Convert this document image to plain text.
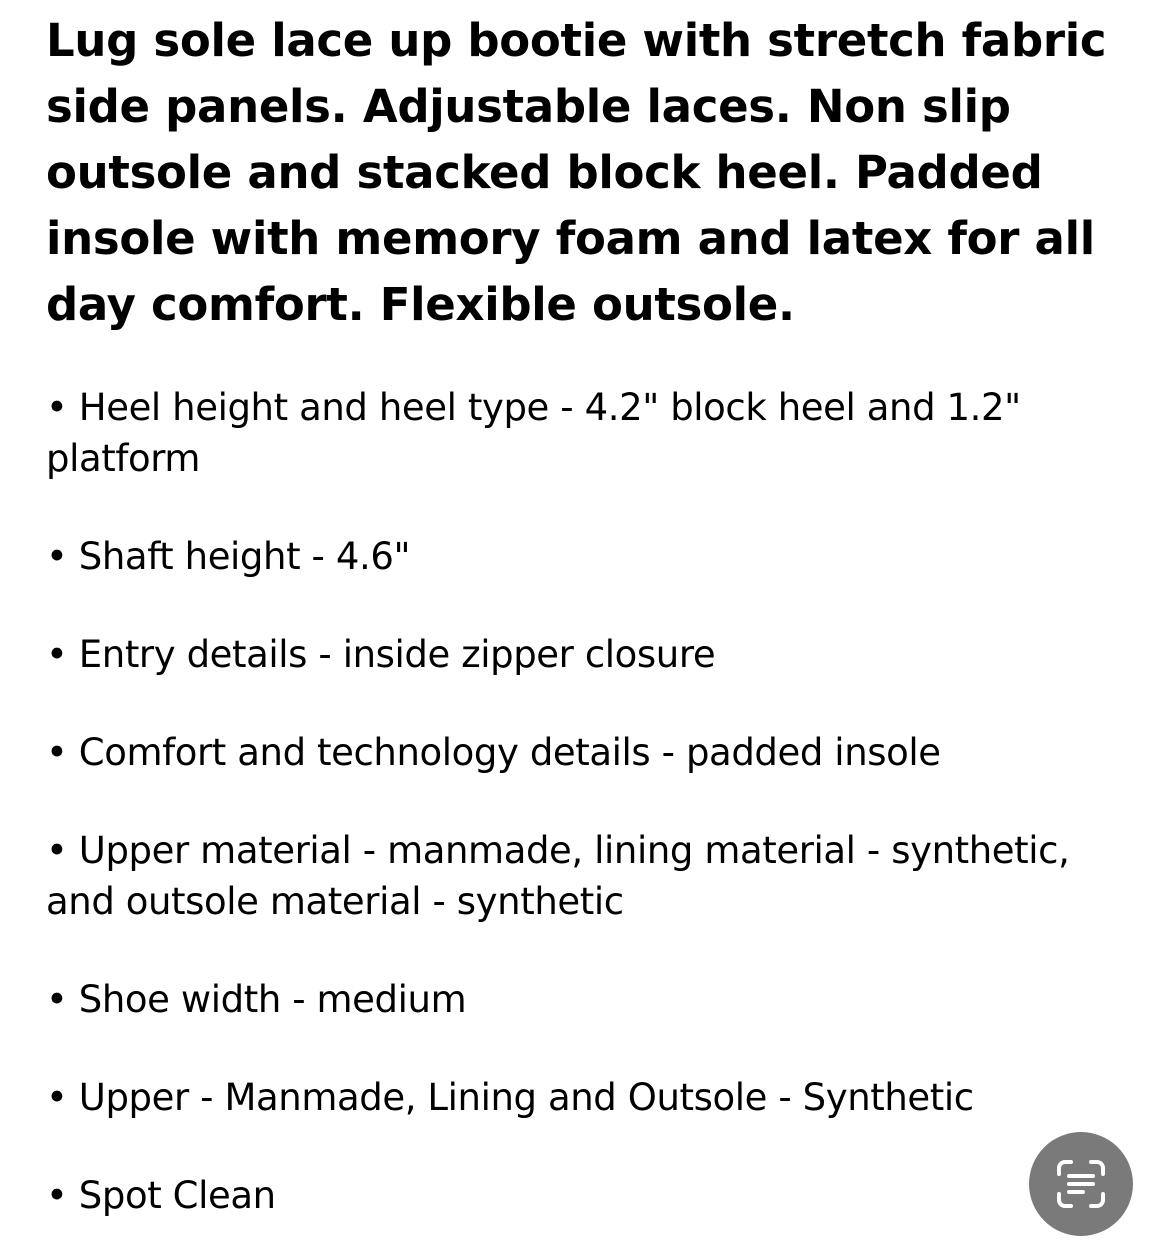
Lug sole lace up bootie with stretch fabric side panels. Adjustable laces. Non slip outsole and stacked block heel. Padded insole with memory foam and latex for all day comfort. Flexible outsole.

• Heel height and heel type - 4.2" block heel and 1.2" platform
• Shaft height - 4.6"
• Entry details - inside zipper closure
• Comfort and technology details - padded insole
• Upper material - manmade, lining material - synthetic, and outsole material - synthetic
• Shoe width - medium
• Upper - Manmade, Lining and Outsole - Synthetic
• Spot Clean
